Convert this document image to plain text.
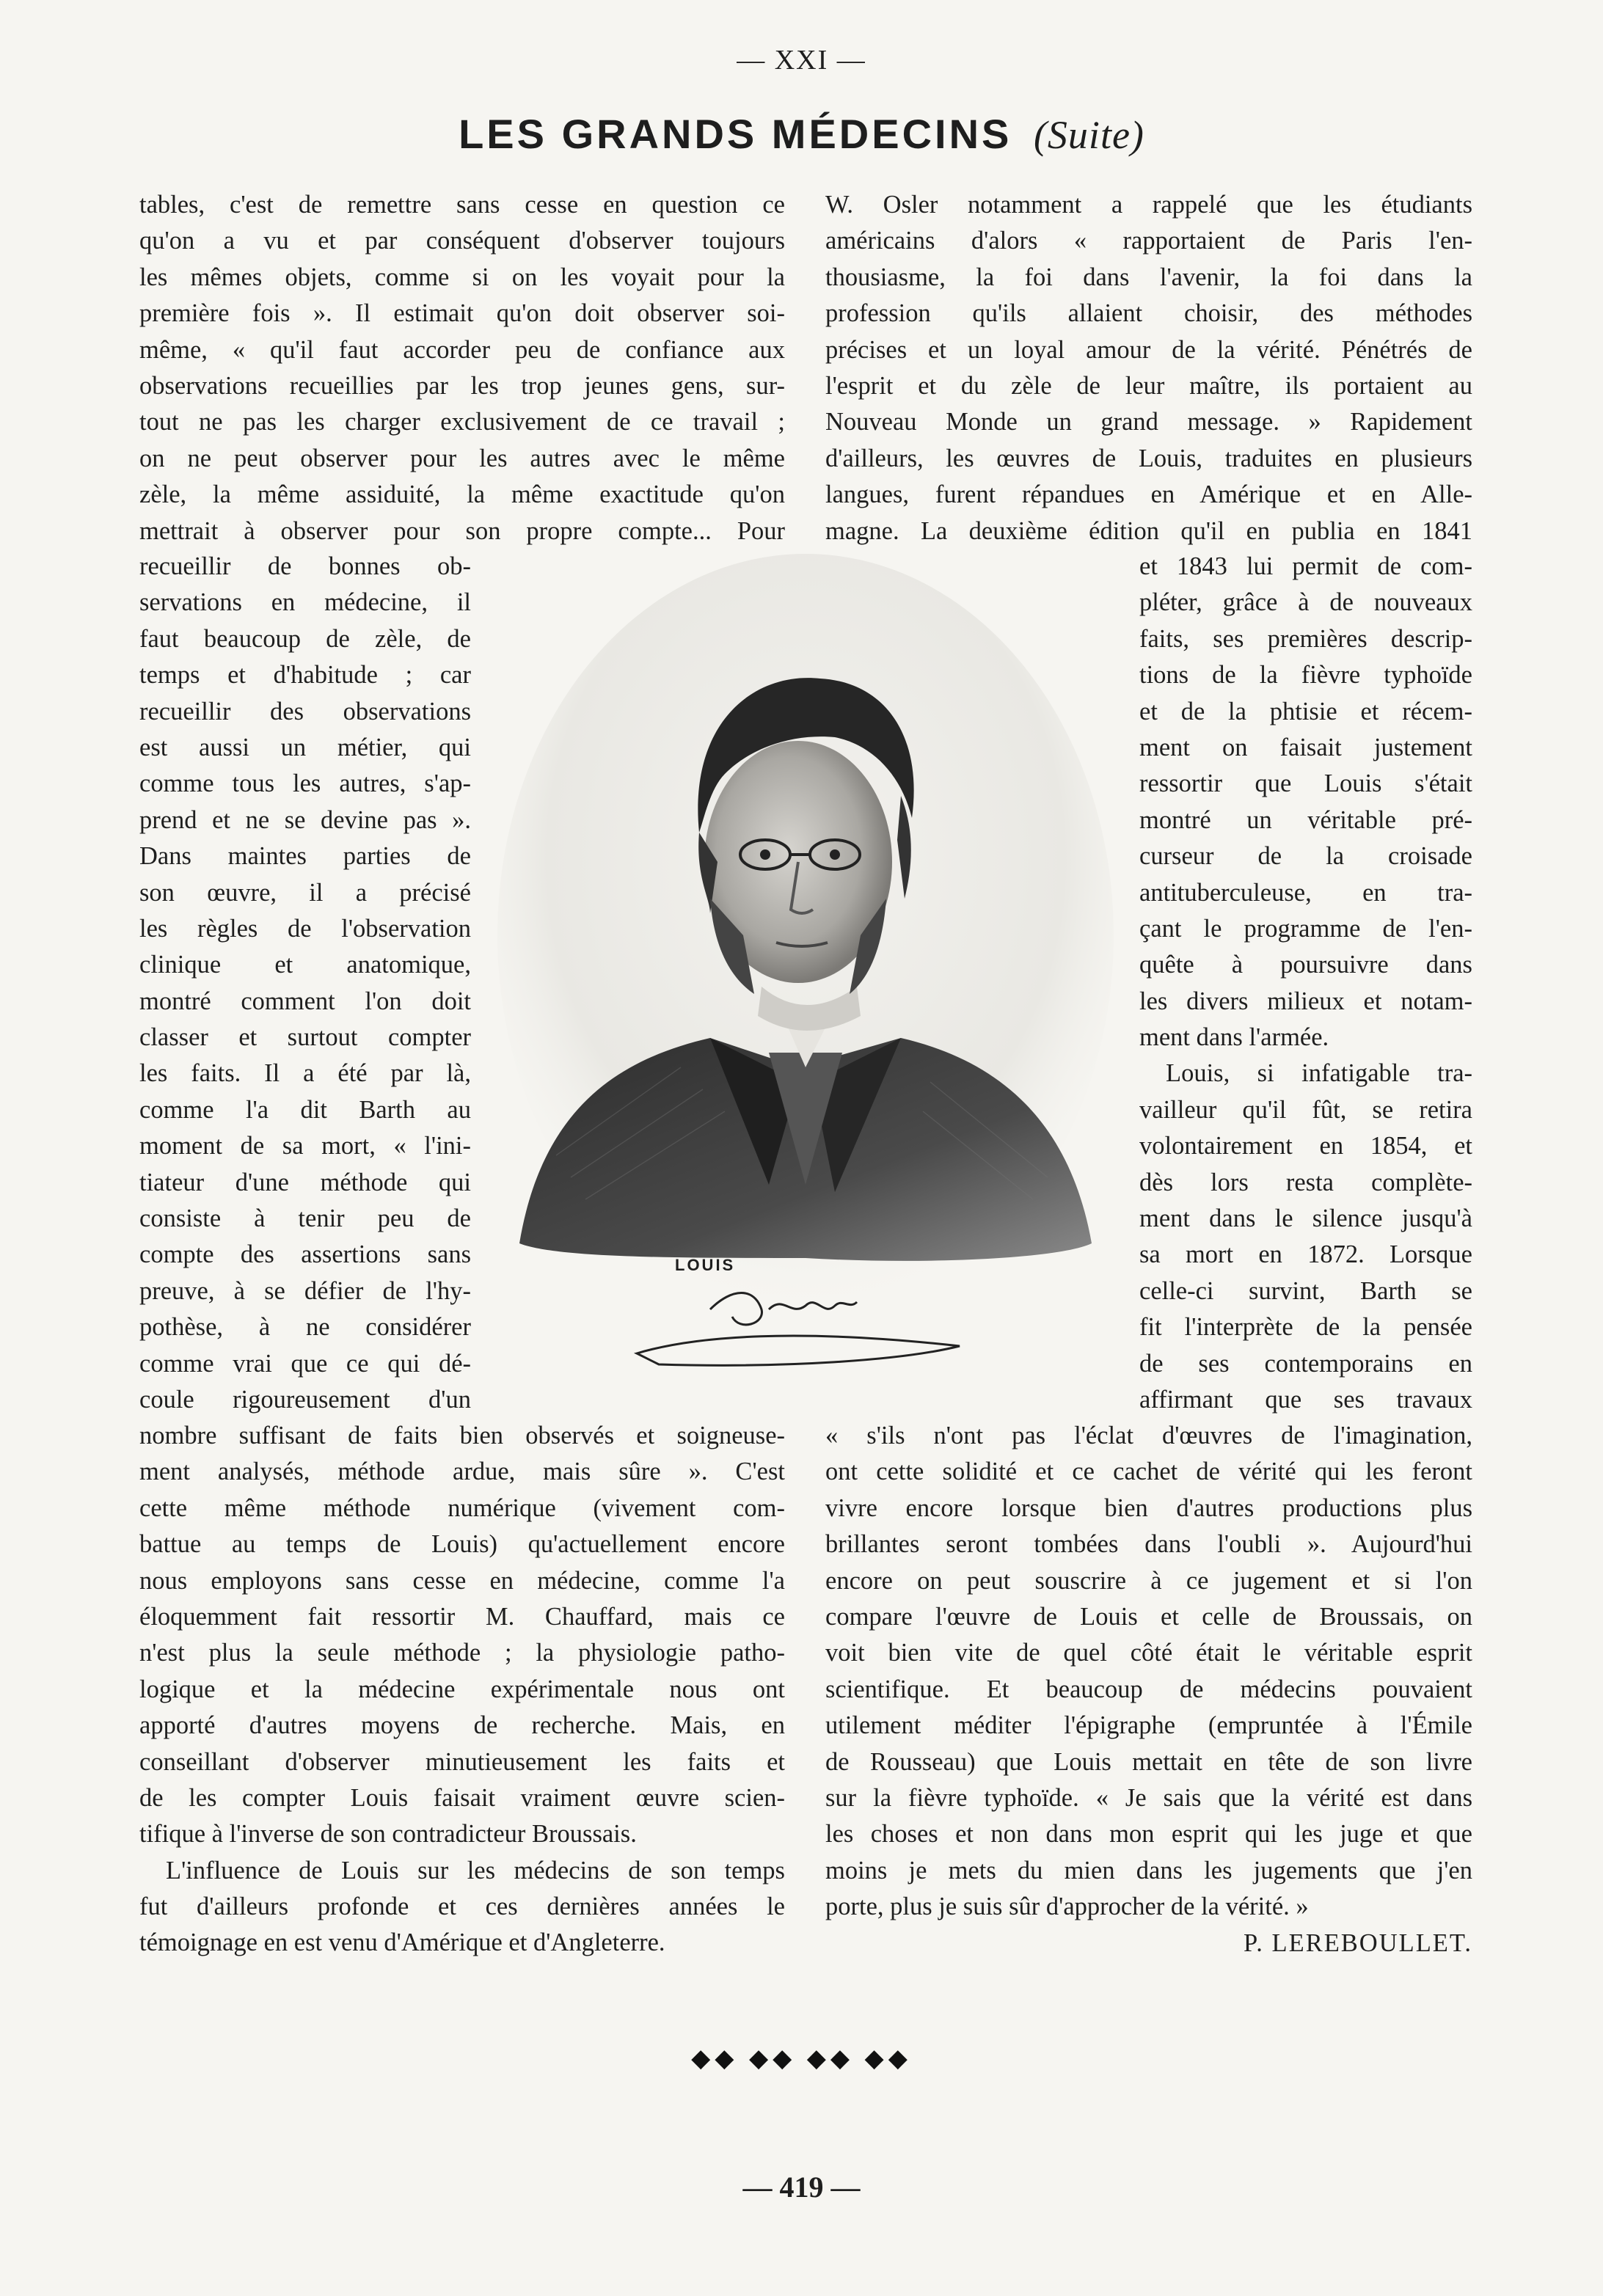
— XXI —
LES GRANDS MÉDECINS (Suite)
tables, c'est de remettre sans cesse en question ce
qu'on a vu et par conséquent d'observer toujours
les mêmes objets, comme si on les voyait pour la
première fois ». Il estimait qu'on doit observer soi-
même, « qu'il faut accorder peu de confiance aux
observations recueillies par les trop jeunes gens, sur-
tout ne pas les charger exclusivement de ce travail ;
on ne peut observer pour les autres avec le même
zèle, la même assiduité, la même exactitude qu'on
mettrait à observer pour son propre compte... Pour
recueillir de bonnes ob-
servations en médecine, il
faut beaucoup de zèle, de
temps et d'habitude ; car
recueillir des observations
est aussi un métier, qui
comme tous les autres, s'ap-
prend et ne se devine pas ».
Dans maintes parties de
son œuvre, il a précisé
les règles de l'observation
clinique et anatomique,
montré comment l'on doit
classer et surtout compter
les faits. Il a été par là,
comme l'a dit Barth au
moment de sa mort, « l'ini-
tiateur d'une méthode qui
consiste à tenir peu de
compte des assertions sans
preuve, à se défier de l'hy-
pothèse, à ne considérer
comme vrai que ce qui dé-
coule rigoureusement d'un
nombre suffisant de faits bien observés et soigneuse-
ment analysés, méthode ardue, mais sûre ». C'est
cette même méthode numérique (vivement com-
battue au temps de Louis) qu'actuellement encore
nous employons sans cesse en médecine, comme l'a
éloquemment fait ressortir M. Chauffard, mais ce
n'est plus la seule méthode ; la physiologie patho-
logique et la médecine expérimentale nous ont
apporté d'autres moyens de recherche. Mais, en
conseillant d'observer minutieusement les faits et
de les compter Louis faisait vraiment œuvre scien-
tifique à l'inverse de son contradicteur Broussais.
L'influence de Louis sur les médecins de son temps
fut d'ailleurs profonde et ces dernières années le
témoignage en est venu d'Amérique et d'Angleterre.
W. Osler notamment a rappelé que les étudiants
américains d'alors « rapportaient de Paris l'en-
thousiasme, la foi dans l'avenir, la foi dans la
profession qu'ils allaient choisir, des méthodes
précises et un loyal amour de la vérité. Pénétrés de
l'esprit et du zèle de leur maître, ils portaient au
Nouveau Monde un grand message. » Rapidement
d'ailleurs, les œuvres de Louis, traduites en plusieurs
langues, furent répandues en Amérique et en Alle-
magne. La deuxième édition qu'il en publia en 1841
et 1843 lui permit de com-
pléter, grâce à de nouveaux
faits, ses premières descrip-
tions de la fièvre typhoïde
et de la phtisie et récem-
ment on faisait justement
ressortir que Louis s'était
montré un véritable pré-
curseur de la croisade
antituberculeuse, en tra-
çant le programme de l'en-
quête à poursuivre dans
les divers milieux et notam-
ment dans l'armée.
Louis, si infatigable tra-
vailleur qu'il fût, se retira
volontairement en 1854, et
dès lors resta complète-
ment dans le silence jusqu'à
sa mort en 1872. Lorsque
celle-ci survint, Barth se
fit l'interprète de la pensée
de ses contemporains en
affirmant que ses travaux
« s'ils n'ont pas l'éclat d'œuvres de l'imagination,
ont cette solidité et ce cachet de vérité qui les feront
vivre encore lorsque bien d'autres productions plus
brillantes seront tombées dans l'oubli ». Aujourd'hui
encore on peut souscrire à ce jugement et si l'on
compare l'œuvre de Louis et celle de Broussais, on
voit bien vite de quel côté était le véritable esprit
scientifique. Et beaucoup de médecins pouvaient
utilement méditer l'épigraphe (empruntée à l'Émile
de Rousseau) que Louis mettait en tête de son livre
sur la fièvre typhoïde. « Je sais que la vérité est dans
les choses et non dans mon esprit qui les juge et que
moins je mets du mien dans les jugements que j'en
porte, plus je suis sûr d'approcher de la vérité. »
P. LEREBOULLET.
LOUIS
◆◆ ◆◆ ◆◆ ◆◆
— 419 —
